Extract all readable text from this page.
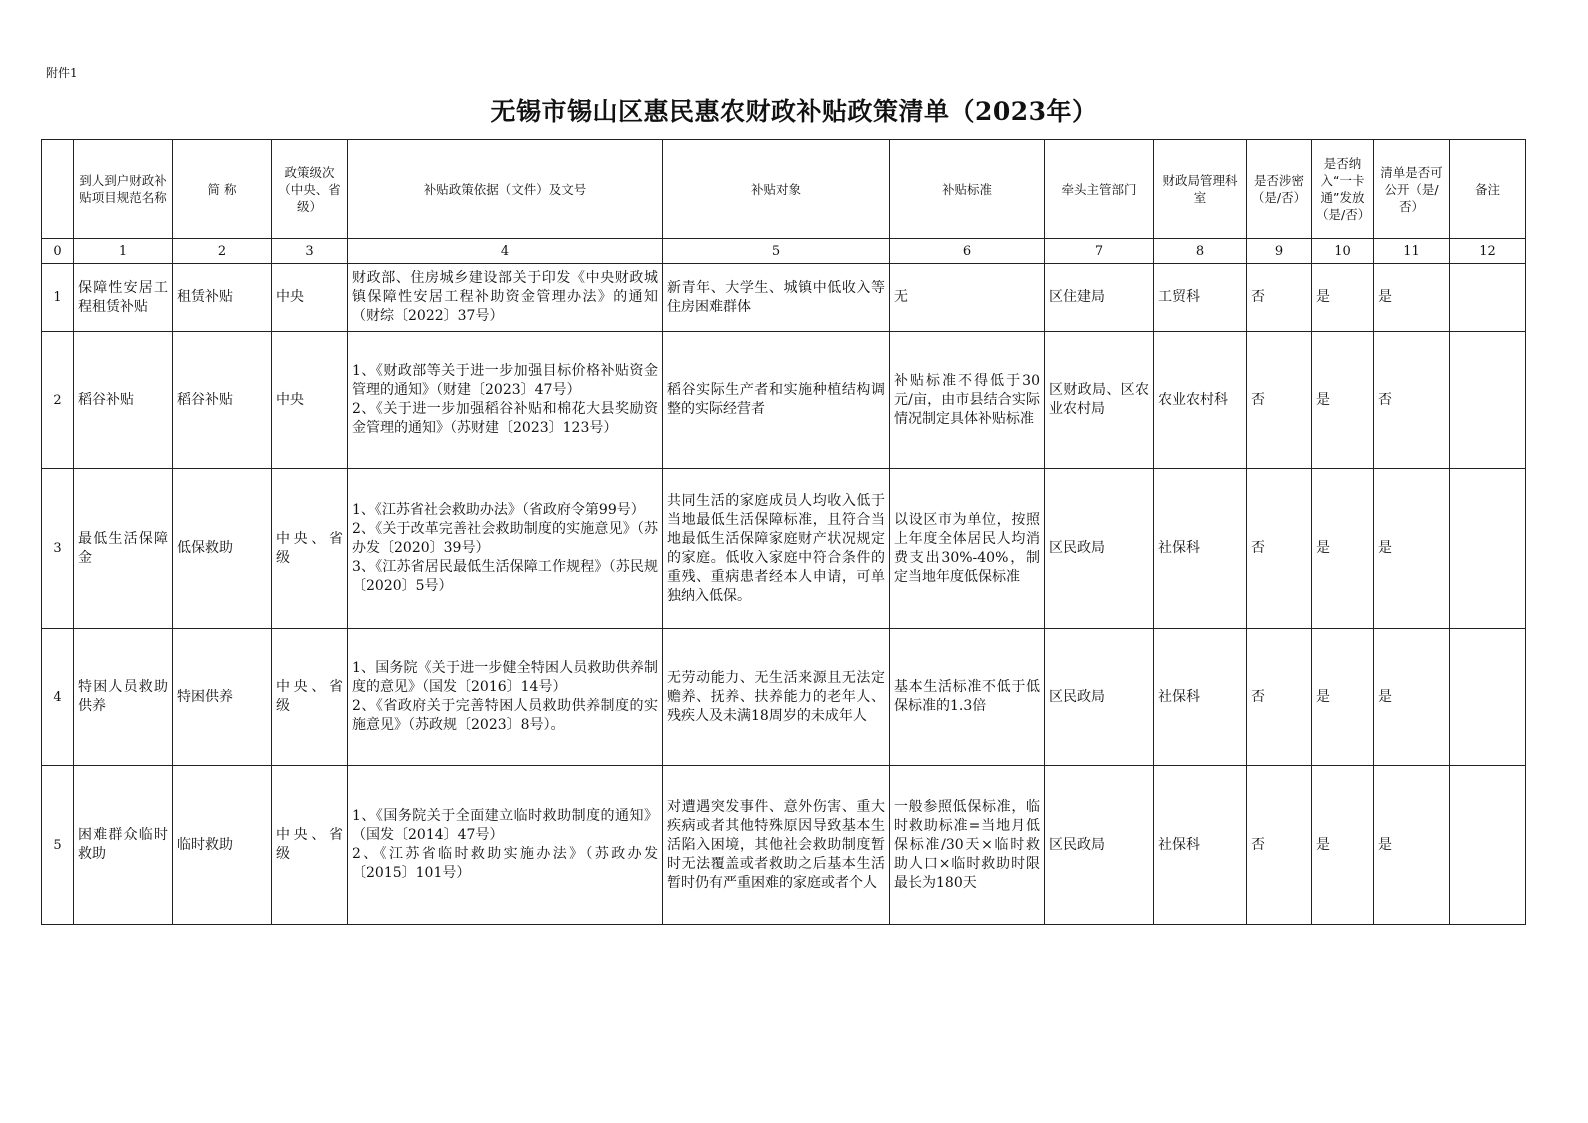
附件1
无锡市锡山区惠民惠农财政补贴政策清单（2023年）
	到人到户财政补贴项目规范名称	简 称	政策级次（中央、省级）	补贴政策依据（文件）及文号	补贴对象	补贴标准	牵头主管部门	财政局管理科室	是否涉密（是/否）	是否纳入“一卡通”发放（是/否）	清单是否可公开（是/否）	备注
0	1	2	3	4	5	6	7	8	9	10	11	12
1	保障性安居工程租赁补贴	租赁补贴	中央	财政部、住房城乡建设部关于印发《中央财政城镇保障性安居工程补助资金管理办法》的通知（财综〔2022〕37号）	新青年、大学生、城镇中低收入等住房困难群体	无	区住建局	工贸科	否	是	是	
2	稻谷补贴	稻谷补贴	中央	1、《财政部等关于进一步加强目标价格补贴资金管理的通知》（财建〔2023〕47号）
2、《关于进一步加强稻谷补贴和棉花大县奖励资金管理的通知》（苏财建〔2023〕123号）	稻谷实际生产者和实施种植结构调整的实际经营者	补贴标准不得低于30元/亩，由市县结合实际情况制定具体补贴标准	区财政局、区农业农村局	农业农村科	否	是	否	
3	最低生活保障金	低保救助	中央、省级	1、《江苏省社会救助办法》（省政府令第99号）
2、《关于改革完善社会救助制度的实施意见》（苏办发〔2020〕39号）
3、《江苏省居民最低生活保障工作规程》（苏民规〔2020〕5号）	共同生活的家庭成员人均收入低于当地最低生活保障标准，且符合当地最低生活保障家庭财产状况规定的家庭。低收入家庭中符合条件的重残、重病患者经本人申请，可单独纳入低保。	以设区市为单位，按照上年度全体居民人均消费支出30%-40%，制定当地年度低保标准	区民政局	社保科	否	是	是	
4	特困人员救助供养	特困供养	中央、省级	1、国务院《关于进一步健全特困人员救助供养制度的意见》（国发〔2016〕14号）
2、《省政府关于完善特困人员救助供养制度的实施意见》（苏政规〔2023〕8号）。	无劳动能力、无生活来源且无法定赡养、抚养、扶养能力的老年人、残疾人及未满18周岁的未成年人	基本生活标准不低于低保标准的1.3倍	区民政局	社保科	否	是	是	
5	困难群众临时救助	临时救助	中央、省级	1、《国务院关于全面建立临时救助制度的通知》（国发〔2014〕47号）
2、《江苏省临时救助实施办法》（苏政办发〔2015〕101号）	对遭遇突发事件、意外伤害、重大疾病或者其他特殊原因导致基本生活陷入困境，其他社会救助制度暂时无法覆盖或者救助之后基本生活暂时仍有严重困难的家庭或者个人	一般参照低保标准，临时救助标准=当地月低保标准/30天×临时救助人口×临时救助时限最长为180天	区民政局	社保科	否	是	是	
